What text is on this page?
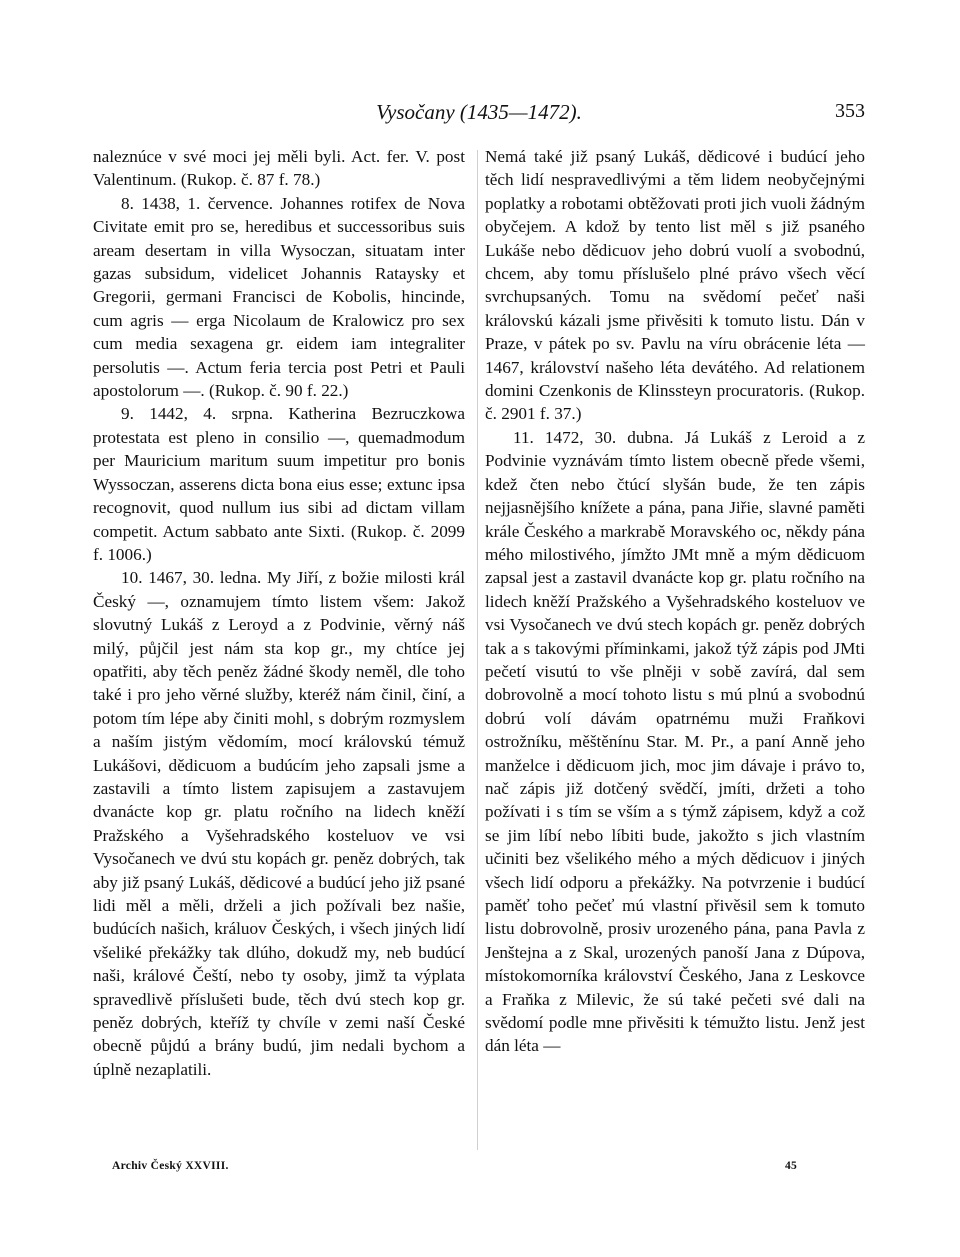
Vysočany (1435—1472).	353

naleznúce v své moci jej měli byli. Act. fer. V. post Valentinum. (Rukop. č. 87 f. 78.)

8. 1438, 1. července. Johannes rotifex de Nova Civitate emit pro se, heredibus et successoribus suis aream desertam in villa Wysoczan, situatam inter gazas subsidum, videlicet Johannis Rataysky et Gregorii, germani Francisci de Kobolis, hincinde, cum agris — erga Nicolaum de Kralowicz pro sex cum media sexagena gr. eidem iam integraliter persolutis —. Actum feria tercia post Petri et Pauli apostolorum —. (Rukop. č. 90 f. 22.)

9. 1442, 4. srpna. Katherina Bezruczkowa protestata est pleno in consilio —, quemadmodum per Mauricium maritum suum impetitur pro bonis Wyssoczan, asserens dicta bona eius esse; extunc ipsa recognovit, quod nullum ius sibi ad dictam villam competit. Actum sabbato ante Sixti. (Rukop. č. 2099 f. 1006.)

10. 1467, 30. ledna. My Jiří, z božie milosti král Český —, oznamujem tímto listem všem: Jakož slovutný Lukáš z Leroyd a z Podvinie, věrný náš milý, půjčil jest nám sta kop gr., my chtíce jej opatřiti, aby těch peněz žádné škody neměl, dle toho také i pro jeho věrné služby, kteréž nám činil, činí, a potom tím lépe aby činiti mohl, s dobrým rozmyslem a naším jistým vědomím, mocí královskú témuž Lukášovi, dědicuom a budúcím jeho zapsali jsme a zastavili a tímto listem zapisujem a zastavujem dvanácte kop gr. platu ročního na lidech kněží Pražského a Vyšehradského kosteluov ve vsi Vysočanech ve dvú stu kopách gr. peněz dobrých, tak aby již psaný Lukáš, dědicové a budúcí jeho již psané lidi měl a měli, drželi a jich požívali bez našie, budúcích našich, králuov Českých, i všech jiných lidí všeliké překážky tak dlúho, dokudž my, neb budúcí naši, králové Čeští, nebo ty osoby, jimž ta výplata spravedlivě příslušeti bude, těch dvú stech kop gr. peněz dobrých, kteříž ty chvíle v zemi naší České obecně půjdú a brány budú, jim nedali bychom a úplně nezaplatili.

Nemá také již psaný Lukáš, dědicové i budúcí jeho těch lidí nespravedlivými a těm lidem neobyčejnými poplatky a robotami obtěžovati proti jich vuoli žádným obyčejem. A kdož by tento list měl s již psaného Lukáše nebo dědicuov jeho dobrú vuolí a svobodnú, chcem, aby tomu příslušelo plné právo všech věcí svrchupsaných. Tomu na svědomí pečeť naši královskú kázali jsme přivěsiti k tomuto listu. Dán v Praze, v pátek po sv. Pavlu na víru obrácenie léta — 1467, království našeho léta devátého. Ad relationem domini Czenkonis de Klinssteyn procuratoris. (Rukop. č. 2901 f. 37.)

11. 1472, 30. dubna. Já Lukáš z Leroid a z Podvinie vyznávám tímto listem obecně přede všemi, kdež čten nebo čtúcí slyšán bude, že ten zápis nejjasnějšího knížete a pána, pana Jiřie, slavné paměti krále Českého a markrabě Moravského oc, někdy pána mého milostivého, jímžto JMt mně a mým dědicuom zapsal jest a zastavil dvanácte kop gr. platu ročního na lidech kněží Pražského a Vyšehradského kosteluov ve vsi Vysočanech ve dvú stech kopách gr. peněz dobrých tak a s takovými příminkami, jakož týž zápis pod JMti pečetí visutú to vše plněji v sobě zavírá, dal sem dobrovolně a mocí tohoto listu s mú plnú a svobodnú dobrú volí dávám opatrnému muži Fraňkovi ostrožníku, měštěnínu Star. M. Pr., a paní Anně jeho manželce i dědicuom jich, moc jim dávaje i právo to, nač zápis již dotčený svědčí, jmíti, držeti a toho požívati i s tím se vším a s týmž zápisem, když a což se jim líbí nebo líbiti bude, jakožto s jich vlastním učiniti bez všelikého mého a mých dědicuov i jiných všech lidí odporu a překážky. Na potvrzenie i budúcí paměť toho pečeť mú vlastní přivěsil sem k tomuto listu dobrovolně, prosiv urozeného pána, pana Pavla z Jenštejna a z Skal, urozených panoší Jana z Dúpova, místokomorníka království Českého, Jana z Leskovce a Fraňka z Milevic, že sú také pečeti své dali na svědomí podle mne přivěsiti k témužto listu. Jenž jest dán léta —

Archiv Český XXVIII.	45
